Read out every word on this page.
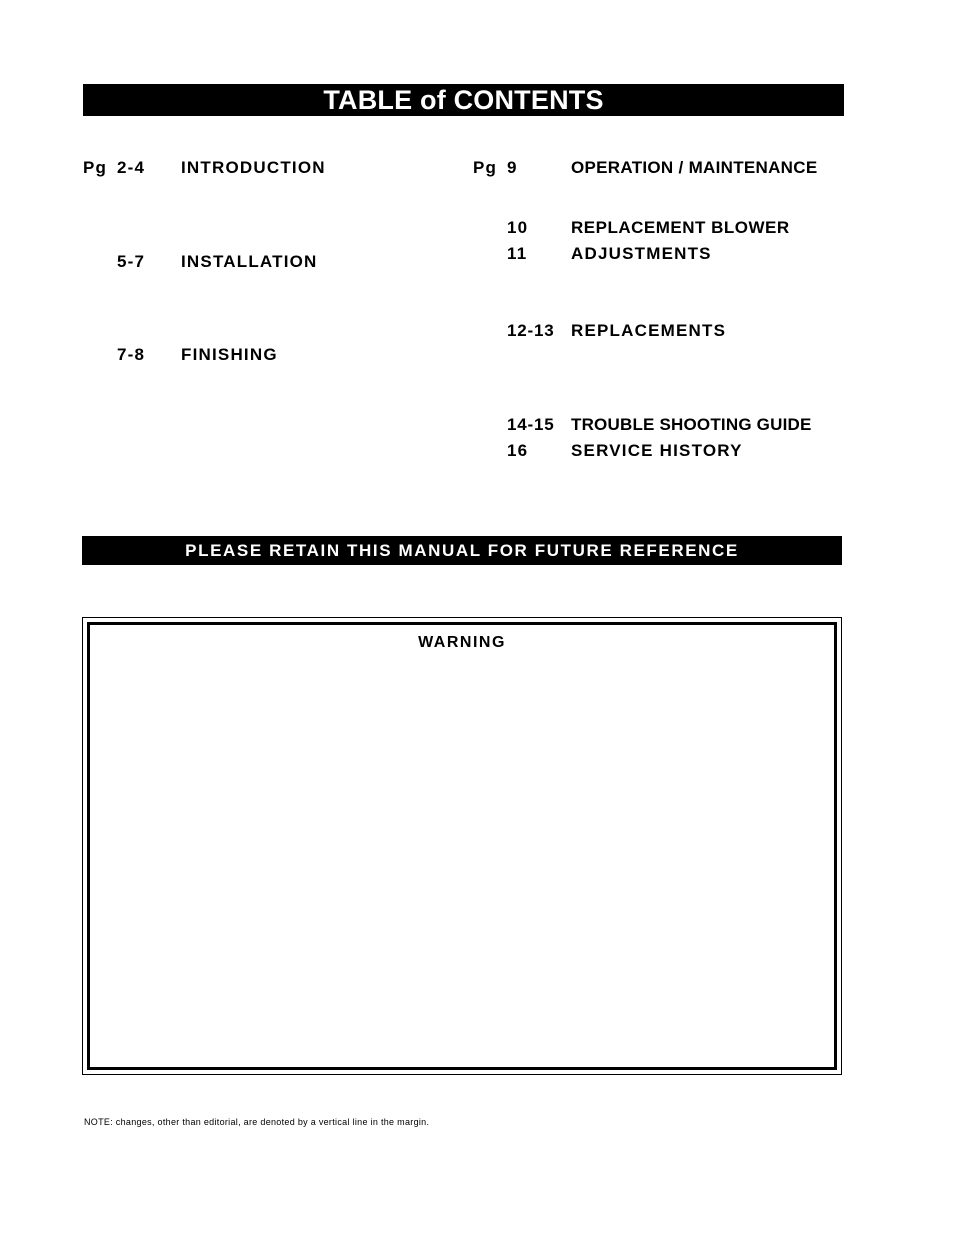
TABLE of CONTENTS
Pg 2-4 INTRODUCTION
5-7 INSTALLATION
7-8 FINISHING
Pg 9	OPERATION / MAINTENANCE
10	REPLACEMENT BLOWER
11	ADJUSTMENTS
12-13 REPLACEMENTS
14-15 TROUBLE SHOOTING GUIDE
16	SERVICE HISTORY
PLEASE RETAIN THIS MANUAL FOR FUTURE REFERENCE
WARNING
NOTE: changes, other than editorial, are denoted by a vertical line in the margin.
